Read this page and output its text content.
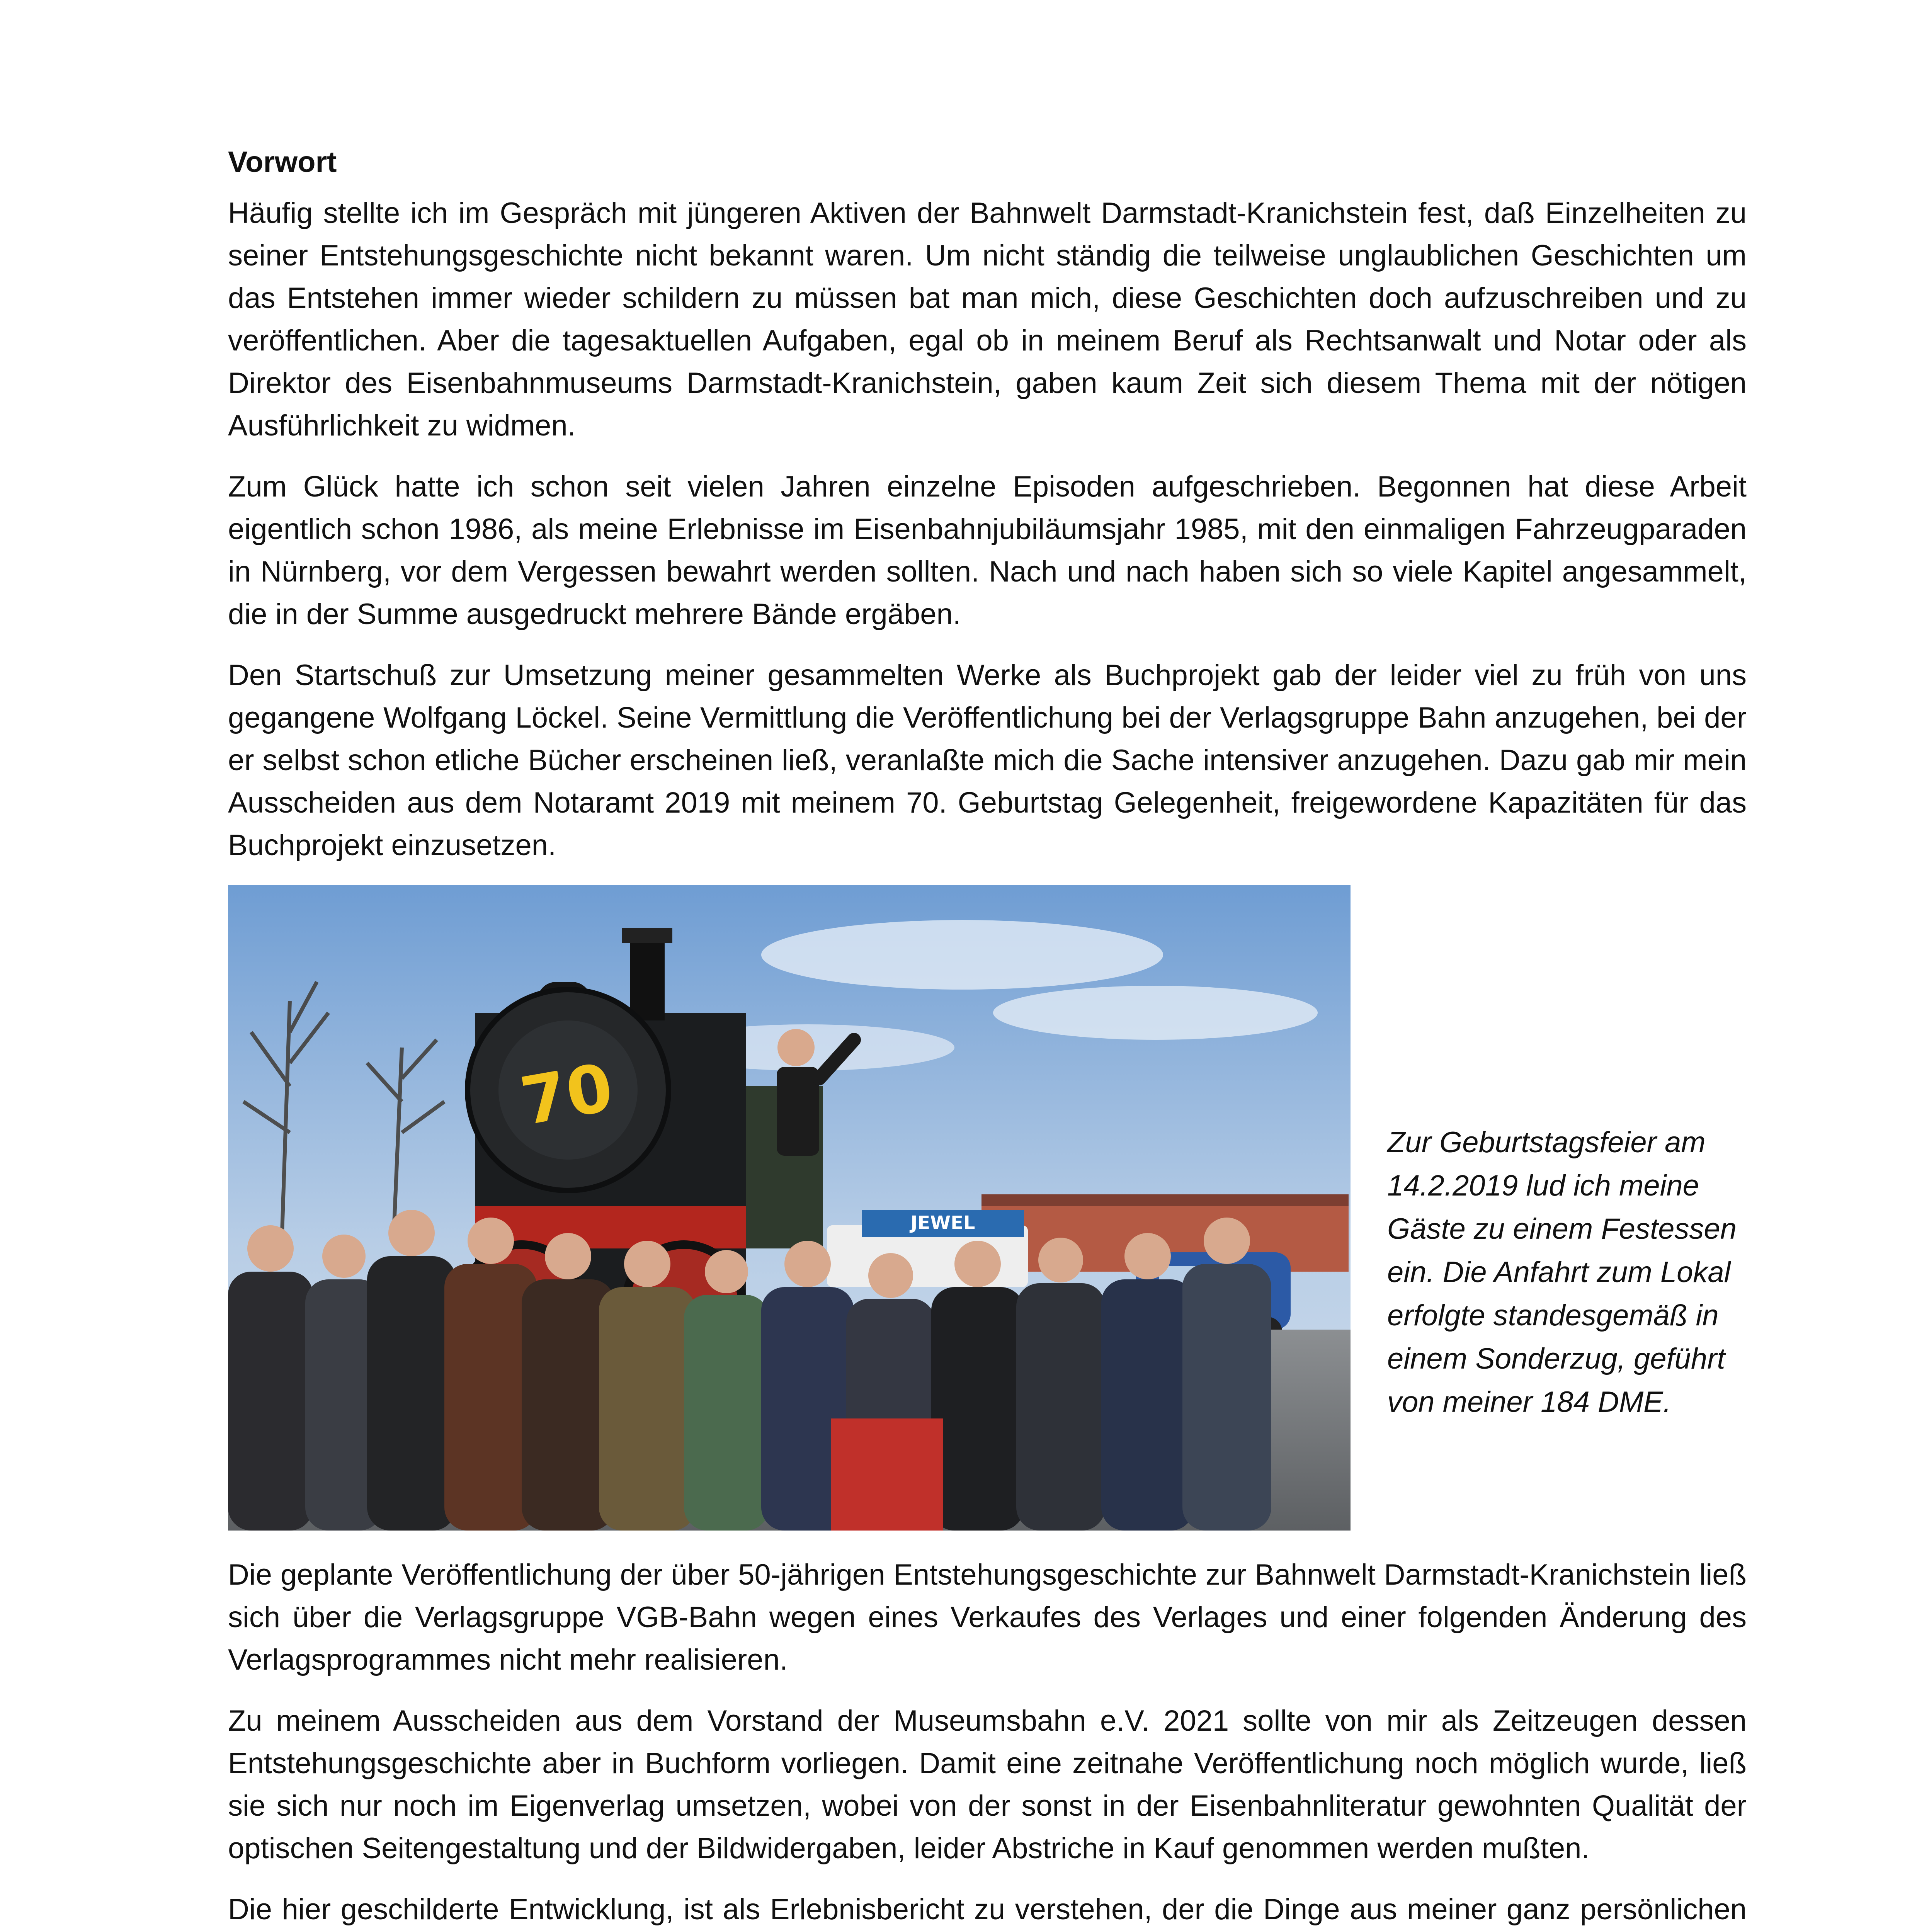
Vorwort

Häufig stellte ich im Gespräch mit jüngeren Aktiven der Bahnwelt Darmstadt-Kranichstein fest, daß Einzelheiten zu seiner Entstehungsgeschichte nicht bekannt waren. Um nicht ständig die teilweise unglaublichen Geschichten um das Entstehen immer wieder schildern zu müssen bat man mich, diese Geschichten doch aufzuschreiben und zu veröffentlichen. Aber die tagesaktuellen Aufgaben, egal ob in meinem Beruf als Rechtsanwalt und Notar oder als Direktor des Eisenbahnmuseums Darmstadt-Kranichstein, gaben kaum Zeit sich diesem Thema mit der nötigen Ausführlichkeit zu widmen.

Zum Glück hatte ich schon seit vielen Jahren einzelne Episoden aufgeschrieben. Begonnen hat diese Arbeit eigentlich schon 1986, als meine Erlebnisse im Eisenbahnjubiläumsjahr 1985, mit den einmaligen Fahrzeugparaden in Nürnberg, vor dem Vergessen bewahrt werden sollten. Nach und nach haben sich so viele Kapitel angesammelt, die in der Summe ausgedruckt mehrere Bände ergäben.

Den Startschuß zur Umsetzung meiner gesammelten Werke als Buchprojekt gab der leider viel zu früh von uns gegangene Wolfgang Löckel. Seine Vermittlung die Veröffentlichung bei der Verlagsgruppe Bahn anzugehen, bei der er selbst schon etliche Bücher erscheinen ließ, veranlaßte mich die Sache intensiver anzugehen. Dazu gab mir mein Ausscheiden aus dem Notaramt 2019 mit meinem 70. Geburtstag Gelegenheit, freigewordene Kapazitäten für das Buchprojekt einzusetzen.

70
JEWEL
Zur Geburtstagsfeier am 14.2.2019 lud ich meine Gäste zu einem Festessen ein. Die Anfahrt zum Lokal erfolgte standesgemäß in einem Sonderzug, geführt von meiner 184 DME.

Die geplante Veröffentlichung der über 50-jährigen Entstehungsgeschichte zur Bahnwelt Darmstadt-Kranichstein ließ sich über die Verlagsgruppe VGB-Bahn wegen eines Verkaufes des Verlages und einer folgenden Änderung des Verlagsprogrammes nicht mehr realisieren.

Zu meinem Ausscheiden aus dem Vorstand der Museumsbahn e.V. 2021 sollte von mir als Zeitzeugen dessen Entstehungsgeschichte aber in Buchform vorliegen. Damit eine zeitnahe Veröffentlichung noch möglich wurde, ließ sie sich nur noch im Eigenverlag umsetzen, wobei von der sonst in der Eisenbahnliteratur gewohnten Qualität der optischen Seitengestaltung und der Bildwidergaben, leider Abstriche in Kauf genommen werden mußten.

Die hier geschilderte Entwicklung, ist als Erlebnisbericht zu verstehen, der die Dinge aus meiner ganz persönlichen
